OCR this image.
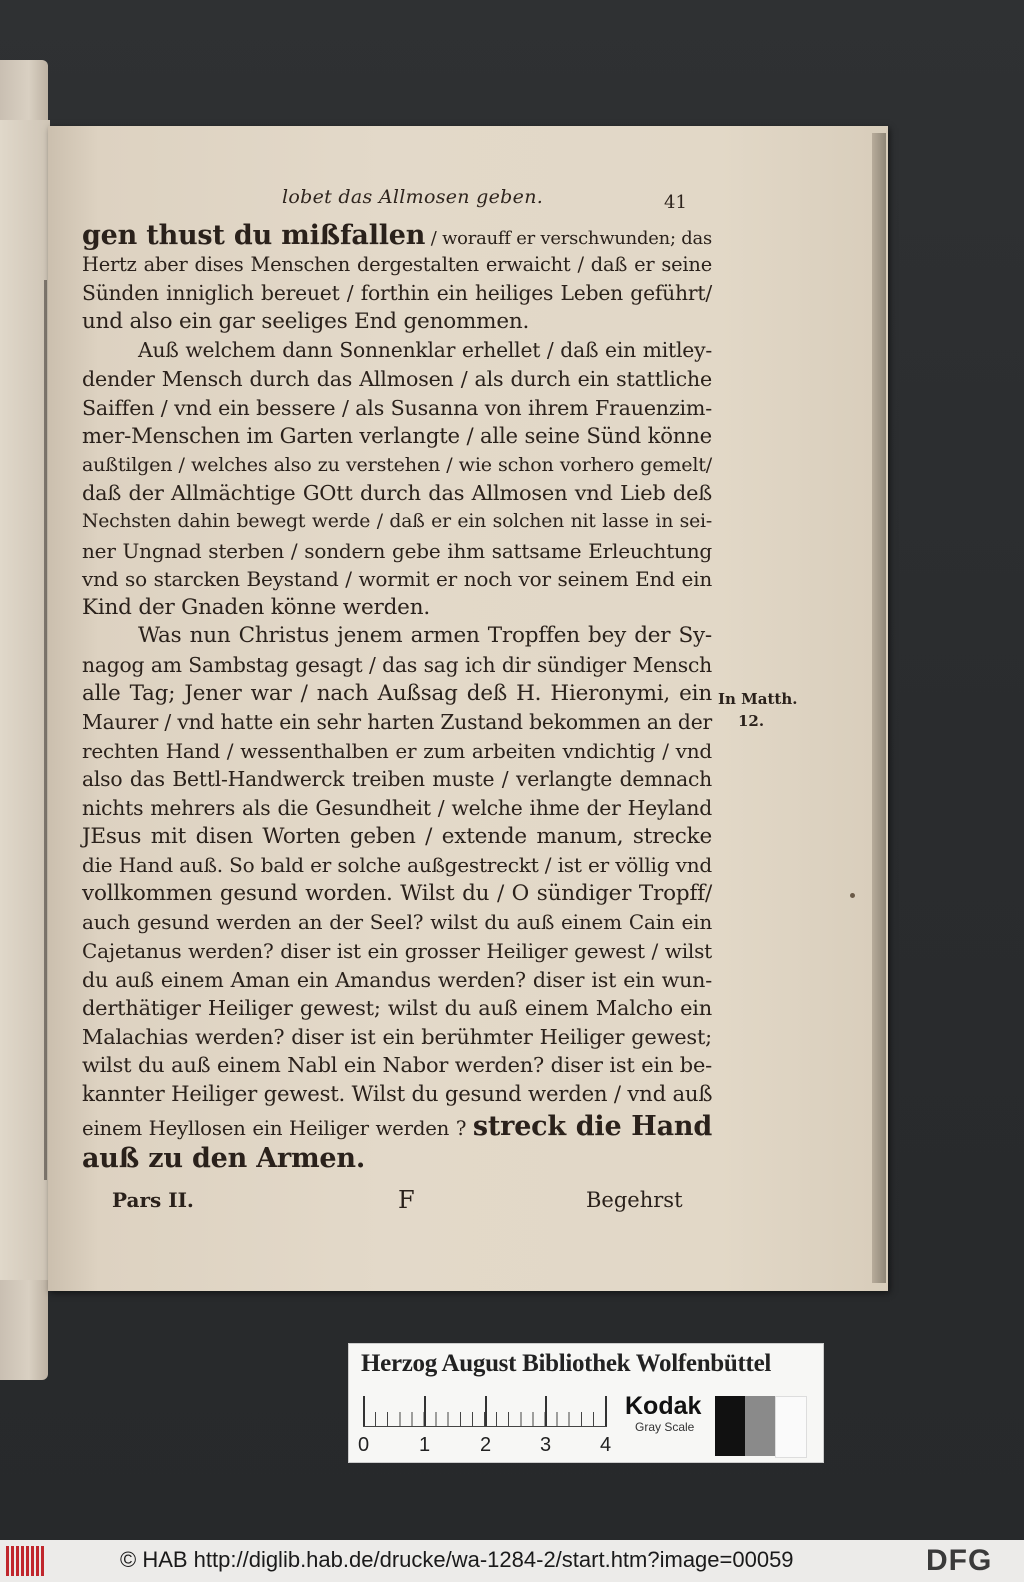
lobet das Allmosen geben.	41
gen thust du mißfallen / worauff er verschwunden; das
Hertz aber dises Menschen dergestalten erwaicht / daß er seine
Sünden inniglich bereuet / forthin ein heiliges Leben geführt/
und also ein gar seeliges End genommen.
Auß welchem dann Sonnenklar erhellet / daß ein mitley-
dender Mensch durch das Allmosen / als durch ein stattliche
Saiffen / vnd ein bessere / als Susanna von ihrem Frauenzim-
mer-Menschen im Garten verlangte / alle seine Sünd könne
außtilgen / welches also zu verstehen / wie schon vorhero gemelt/
daß der Allmächtige GOtt durch das Allmosen vnd Lieb deß
Nechsten dahin bewegt werde / daß er ein solchen nit lasse in sei-
ner Ungnad sterben / sondern gebe ihm sattsame Erleuchtung
vnd so starcken Beystand / wormit er noch vor seinem End ein
Kind der Gnaden könne werden.
Was nun Christus jenem armen Tropffen bey der Sy-
nagog am Sambstag gesagt / das sag ich dir sündiger Mensch
alle Tag; Jener war / nach Außsag deß H. Hieronymi, ein
Maurer / vnd hatte ein sehr harten Zustand bekommen an der
rechten Hand / wessenthalben er zum arbeiten vndichtig / vnd
also das Bettl-Handwerck treiben muste / verlangte demnach
nichts mehrers als die Gesundheit / welche ihme der Heyland
JEsus mit disen Worten geben / extende manum, strecke
die Hand auß. So bald er solche außgestreckt / ist er völlig vnd
vollkommen gesund worden. Wilst du / O sündiger Tropff/
auch gesund werden an der Seel? wilst du auß einem Cain ein
Cajetanus werden? diser ist ein grosser Heiliger gewest / wilst
du auß einem Aman ein Amandus werden? diser ist ein wun-
derthätiger Heiliger gewest; wilst du auß einem Malcho ein
Malachias werden? diser ist ein berühmter Heiliger gewest;
wilst du auß einem Nabl ein Nabor werden? diser ist ein be-
kannter Heiliger gewest. Wilst du gesund werden / vnd auß
einem Heyllosen ein Heiliger werden ? streck die Hand
auß zu den Armen.
In Matth.
12.
Pars II.	F	Begehrst
Herzog August Bibliothek Wolfenbüttel
0 1 2 3 4
Kodak
Gray Scale
© HAB http://diglib.hab.de/drucke/wa-1284-2/start.htm?image=00059	DFG
